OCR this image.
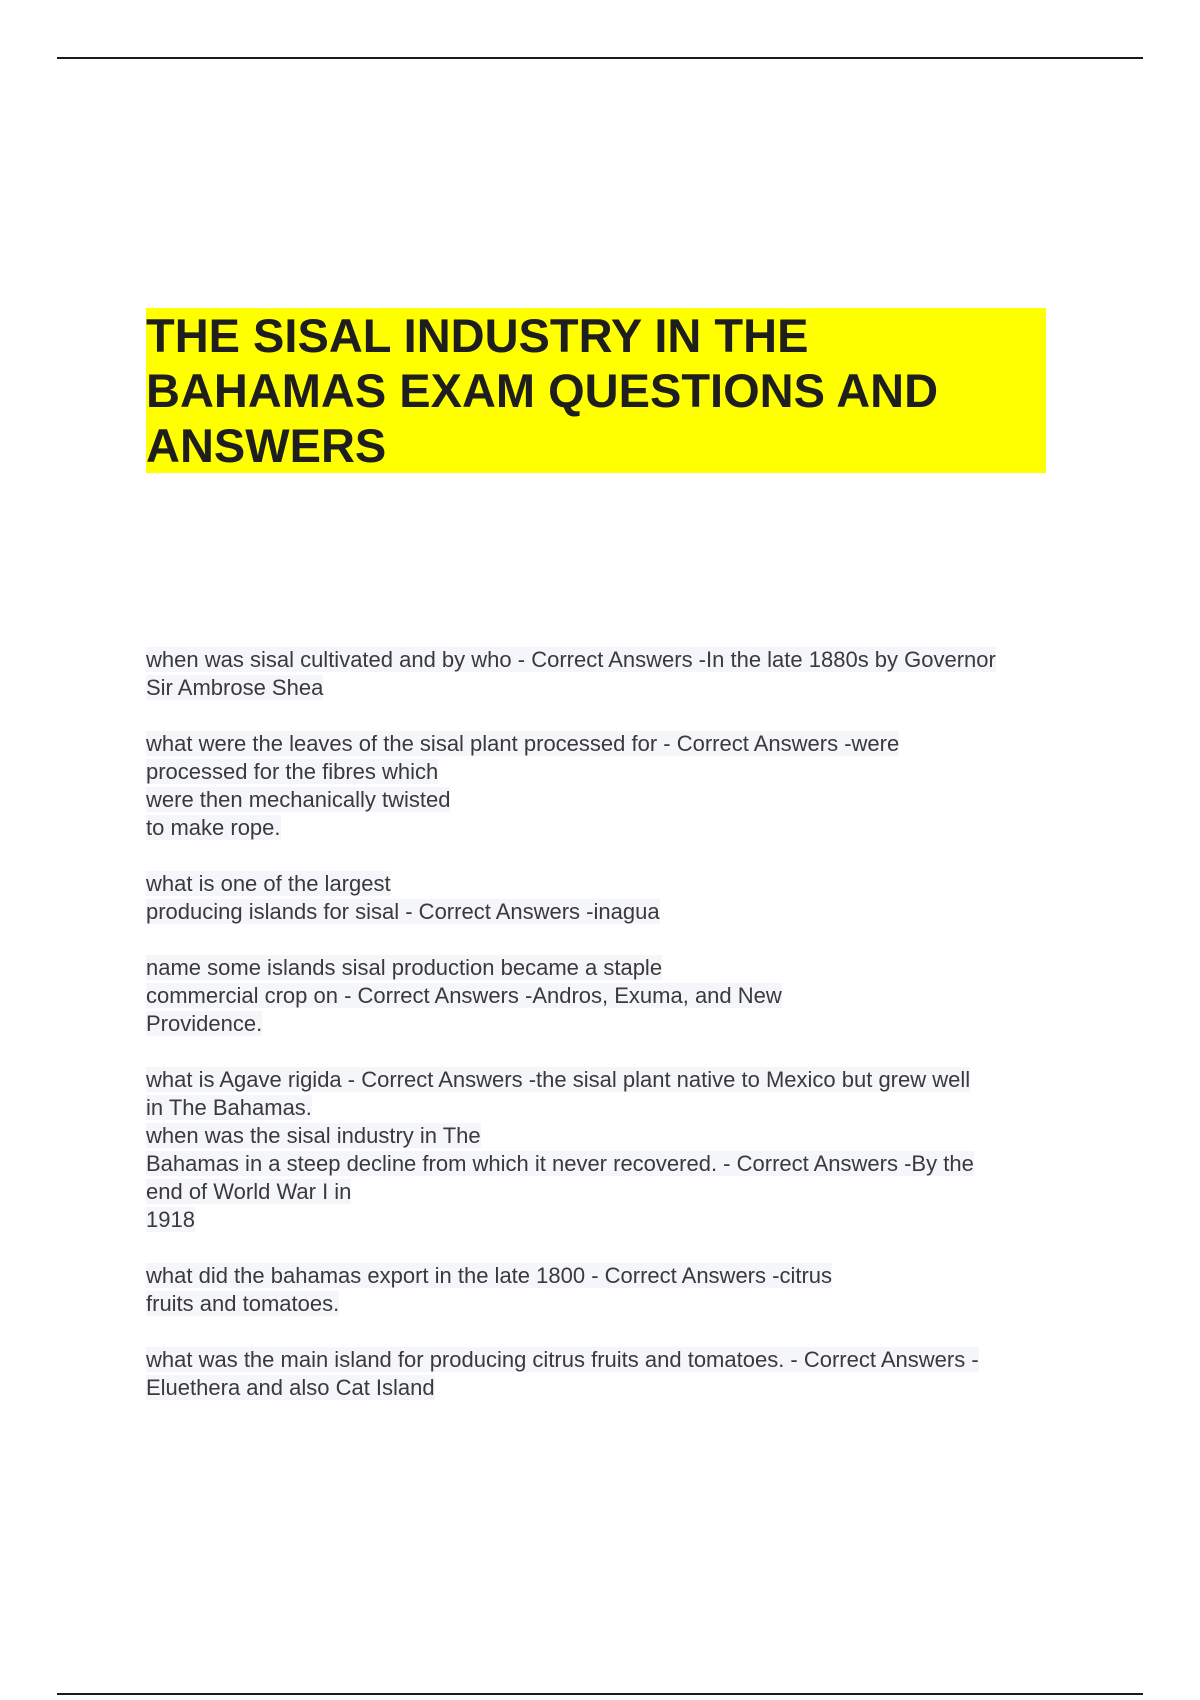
THE SISAL INDUSTRY IN THE
BAHAMAS EXAM QUESTIONS AND
ANSWERS

when was sisal cultivated and by who - Correct Answers -In the late 1880s by Governor
Sir Ambrose Shea

what were the leaves of the sisal plant processed for - Correct Answers -were
processed for the fibres which
were then mechanically twisted
to make rope.

what is one of the largest
producing islands for sisal - Correct Answers -inagua

name some islands sisal production became a staple
commercial crop on - Correct Answers -Andros, Exuma, and New
Providence.

what is Agave rigida - Correct Answers -the sisal plant native to Mexico but grew well
in The Bahamas.
when was the sisal industry in The
Bahamas in a steep decline from which it never recovered. - Correct Answers -By the
end of World War I in
1918

what did the bahamas export in the late 1800 - Correct Answers -citrus
fruits and tomatoes.

what was the main island for producing citrus fruits and tomatoes. - Correct Answers -
Eluethera and also Cat Island
